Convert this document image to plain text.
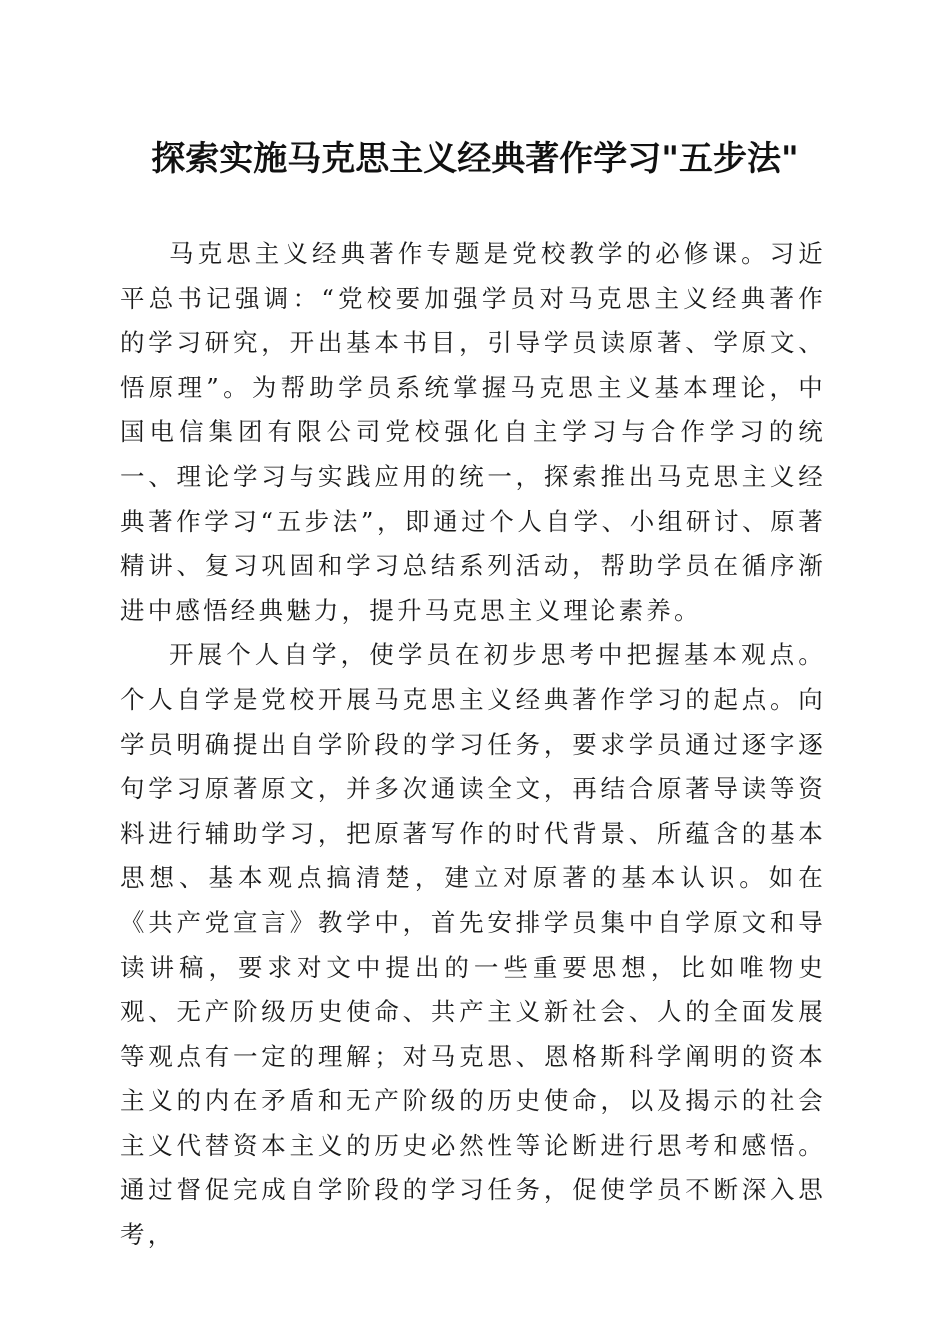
探索实施马克思主义经典著作学习"五步法"

马克思主义经典著作专题是党校教学的必修课。习近平总书记强调：“党校要加强学员对马克思主义经典著作的学习研究，开出基本书目，引导学员读原著、学原文、悟原理”。为帮助学员系统掌握马克思主义基本理论，中国电信集团有限公司党校强化自主学习与合作学习的统一、理论学习与实践应用的统一，探索推出马克思主义经典著作学习“五步法”，即通过个人自学、小组研讨、原著精讲、复习巩固和学习总结系列活动，帮助学员在循序渐进中感悟经典魅力，提升马克思主义理论素养。

开展个人自学，使学员在初步思考中把握基本观点。个人自学是党校开展马克思主义经典著作学习的起点。向学员明确提出自学阶段的学习任务，要求学员通过逐字逐句学习原著原文，并多次通读全文，再结合原著导读等资料进行辅助学习，把原著写作的时代背景、所蕴含的基本思想、基本观点搞清楚，建立对原著的基本认识。如在《共产党宣言》教学中，首先安排学员集中自学原文和导读讲稿，要求对文中提出的一些重要思想，比如唯物史观、无产阶级历史使命、共产主义新社会、人的全面发展等观点有一定的理解；对马克思、恩格斯科学阐明的资本主义的内在矛盾和无产阶级的历史使命，以及揭示的社会主义代替资本主义的历史必然性等论断进行思考和感悟。通过督促完成自学阶段的学习任务，促使学员不断深入思考，
